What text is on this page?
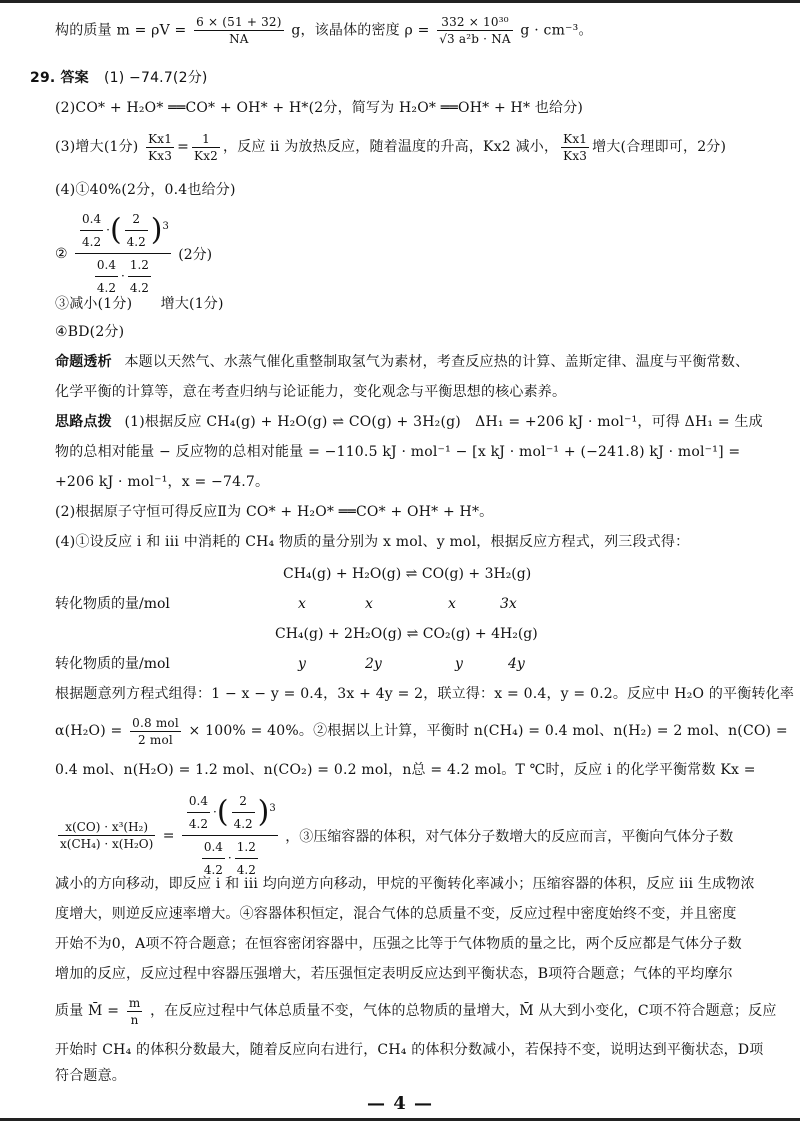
构的质量 $m = \rho V = \frac{6 \times (51 + 32)}{NA}$ g，该晶体的密度 $\rho = \frac{\text{332 × 10³⁰}}{\text{√3 a²b · NA}}$ g · cm⁻³。
29. 答案 (1) −74.7(2分)
(2)CO* + H₂O* ══CO* + OH* + H*(2分，简写为 H₂O* ══OH* + H* 也给分)
(3)增大(1分) $\frac{Kx1}{Kx3} = \frac{1}{Kx2}$ ，反应 ii 为放热反应，随着温度的升高，Kx2 减小， $\frac{Kx1}{Kx3}$ 增大(合理即可，2分)
(4)①40%(2分，0.4也给分)
② $\frac{\frac{0.4}{4.2} \cdot( \frac{2}{4.2} )^3}{\frac{0.4}{4.2} \cdot \frac{1.2}{4.2}} (2$分)
③减小(1分)　　增大(1分)
④BD(2分)
命题透析 本题以天然气、水蒸气催化重整制取氢气为素材，考查反应热的计算、盖斯定律、温度与平衡常数、
化学平衡的计算等，意在考查归纳与论证能力，变化观念与平衡思想的核心素养。
思路点拨 (1)根据反应 CH₄(g) + H₂O(g) ⇌ CO(g) + 3H₂(g)　ΔH₁ = +206 kJ · mol⁻¹，可得 ΔH₁ = 生成
物的总相对能量 − 反应物的总相对能量 = −110.5 kJ · mol⁻¹ − [x kJ · mol⁻¹ + (−241.8) kJ · mol⁻¹] =
+206 kJ · mol⁻¹，x = −74.7。
(2)根据原子守恒可得反应Ⅱ为 CO* + H₂O* ══CO* + OH* + H*。
(4)①设反应 i 和 iii 中消耗的 CH₄ 物质的量分别为 x mol、y mol，根据反应方程式，列三段式得：
CH₄(g) + H₂O(g) ⇌ CO(g) + 3H₂(g)
转化物质的量/mol	x	x	x	3x
CH₄(g) + 2H₂O(g) ⇌ CO₂(g) + 4H₂(g)
转化物质的量/mol	y	2y	y	4y
根据题意列方程式组得：1 − x − y = 0.4，3x + 4y = 2，联立得：x = 0.4，y = 0.2。反应中 H₂O 的平衡转化率
$\alpha(H_2O) = \frac{\text{0.8 mol}}{\text{2 mol}} \times 100\% = 40\%$。②根据以上计算，平衡时 n(CH₄) = 0.4 mol、n(H₂) = 2 mol、n(CO) =
0.4 mol、n(H₂O) = 1.2 mol、n(CO₂) = 0.2 mol，n总 = 4.2 mol。T ℃时，反应 i 的化学平衡常数 Kx =
$\frac{\text{x(CO) · x³(H₂)}}{\text{x(CH₄) · x(H₂O)}} = \frac{\frac{0.4}{4.2} \cdot( \frac{2}{4.2} )^3}{\frac{0.4}{4.2} \cdot \frac{1.2}{4.2}}$ ，③压缩容器的体积，对气体分子数增大的反应而言，平衡向气体分子数
减小的方向移动，即反应 i 和 iii 均向逆方向移动，甲烷的平衡转化率减小；压缩容器的体积，反应 iii 生成物浓
度增大，则逆反应速率增大。④容器体积恒定，混合气体的总质量不变，反应过程中密度始终不变，并且密度
开始不为0，A项不符合题意；在恒容密闭容器中，压强之比等于气体物质的量之比，两个反应都是气体分子数
增加的反应，反应过程中容器压强增大，若压强恒定表明反应达到平衡状态，B项符合题意；气体的平均摩尔
质量 M̄ = $\frac{m}{n}$ ，在反应过程中气体总质量不变，气体的总物质的量增大，M̄ 从大到小变化，C项不符合题意；反应
开始时 CH₄ 的体积分数最大，随着反应向右进行，CH₄ 的体积分数减小，若保持不变，说明达到平衡状态，D项
符合题意。
— 4 —
